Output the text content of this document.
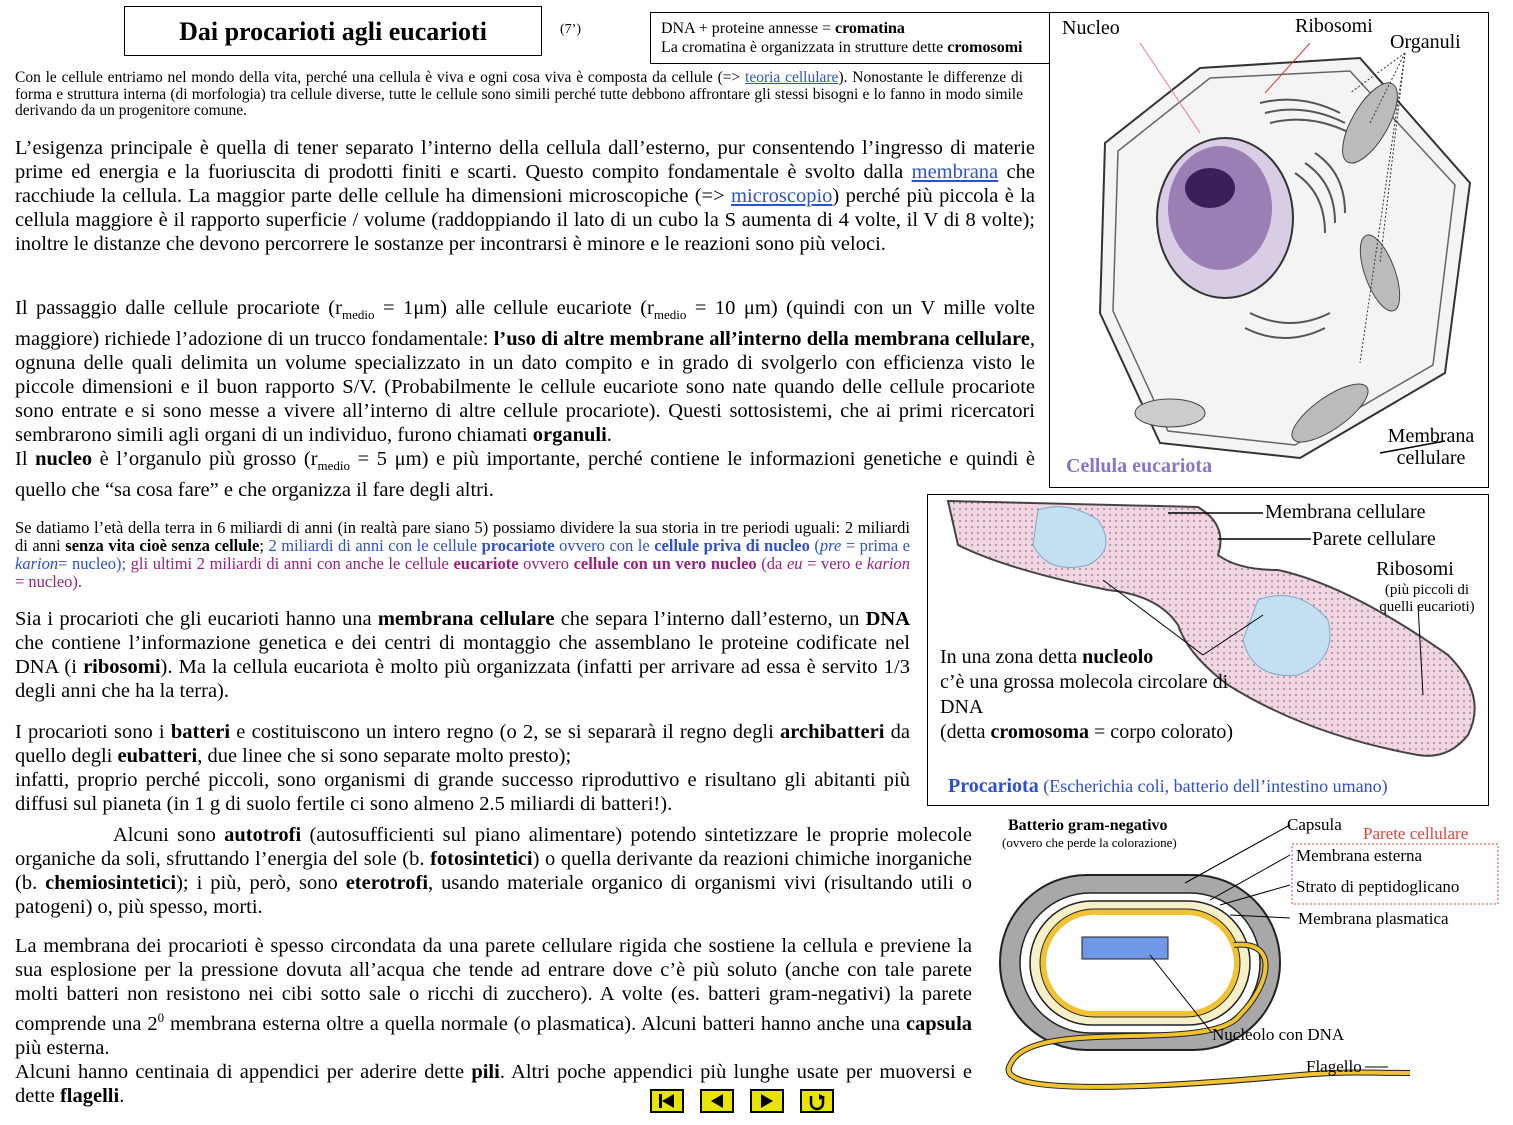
Dai procarioti agli eucarioti	(7’)	DNA + proteine annesse = cromatina
La cromatina è organizzata in strutture dette cromosomi
Con le cellule entriamo nel mondo della vita, perché una cellula è viva e ogni cosa viva è composta da cellule (=> teoria cellulare). Nonostante le differenze di forma e struttura interna (di morfologia) tra cellule diverse, tutte le cellule sono simili perché tutte debbono affrontare gli stessi bisogni e lo fanno in modo simile derivando da un progenitore comune.
L’esigenza principale è quella di tener separato l’interno della cellula dall’esterno, pur consentendo l’ingresso di materie prime ed energia e la fuoriuscita di prodotti finiti e scarti. Questo compito fondamentale è svolto dalla membrana che racchiude la cellula. La maggior parte delle cellule ha dimensioni microscopiche (=> microscopio) perché più piccola è la cellula maggiore è il rapporto superficie / volume (raddoppiando il lato di un cubo la S aumenta di 4 volte, il V di 8 volte); inoltre le distanze che devono percorrere le sostanze per incontrarsi è minore e le reazioni sono più veloci.
Il passaggio dalle cellule procariote $(r_{medio} = 1\mu m)$ alle cellule eucariote ($r_{medio} = 10$ μm) (quindi con un V mille volte maggiore) richiede l’adozione di un trucco fondamentale: l’uso di altre membrane all’interno della membrana cellulare, ognuna delle quali delimita un volume specializzato in un dato compito e in grado di svolgerlo con efficienza visto le piccole dimensioni e il buon rapporto S/V. (Probabilmente le cellule eucariote sono nate quando delle cellule procariote sono entrate e si sono messe a vivere all’interno di altre cellule procariote). Questi sottosistemi, che ai primi ricercatori sembrarono simili agli organi di un individuo, furono chiamati organuli.
Il nucleo è l’organulo più grosso ($r_{medio} = 5$ μm) e più importante, perché contiene le informazioni genetiche e quindi è quello che “sa cosa fare” e che organizza il fare degli altri.
Se datiamo l’età della terra in 6 miliardi di anni (in realtà pare siano 5) possiamo dividere la sua storia in tre periodi uguali: 2 miliardi di anni senza vita cioè senza cellule; 2 miliardi di anni con le cellule procariote ovvero con le cellule priva di nucleo (pre = prima e karion= nucleo); gli ultimi 2 miliardi di anni con anche le cellule eucariote ovvero cellule con un vero nucleo (da eu = vero e karion = nucleo).
Sia i procarioti che gli eucarioti hanno una membrana cellulare che separa l’interno dall’esterno, un DNA che contiene l’informazione genetica e dei centri di montaggio che assemblano le proteine codificate nel DNA (i ribosomi). Ma la cellula eucariota è molto più organizzata (infatti per arrivare ad essa è servito 1/3 degli anni che ha la terra).
I procarioti sono i batteri e costituiscono un intero regno (o 2, se si separarà il regno degli archibatteri da quello degli eubatteri, due linee che si sono separate molto presto);
infatti, proprio perché piccoli, sono organismi di grande successo riproduttivo e risultano gli abitanti più diffusi sul pianeta (in 1 g di suolo fertile ci sono almeno 2.5 miliardi di batteri!).
Alcuni sono autotrofi (autosufficienti sul piano alimentare) potendo sintetizzare le proprie molecole organiche da soli, sfruttando l’energia del sole (b. fotosintetici) o quella derivante da reazioni chimiche inorganiche (b. chemiosintetici); i più, però, sono eterotrofi, usando materiale organico di organismi vivi (risultando utili o patogeni) o, più spesso, morti.
La membrana dei procarioti è spesso circondata da una parete cellulare rigida che sostiene la cellula e previene la sua esplosione per la pressione dovuta all’acqua che tende ad entrare dove c’è più soluto (anche con tale parete molti batteri non resistono nei cibi sotto sale o ricchi di zucchero). A volte (es. batteri gram-negativi) la parete comprende una $2^0$ membrana esterna oltre a quella normale (o plasmatica). Alcuni batteri hanno anche una capsula più esterna.
Alcuni hanno centinaia di appendici per aderire dette pili. Altri poche appendici più lunghe usate per muoversi e dette flagelli.
Nucleo	Ribosomi
Organuli
Membrana cellulare
Cellula eucariota
Membrana cellulare
Parete cellulare
Ribosomi
(più piccoli di quelli eucarioti)
In una zona detta nucleolo
c’è una grossa molecola circolare di DNA
(detta cromosoma = corpo colorato)
Procariota (Escherichia coli, batterio dell’intestino umano)
Batterio gram-negativo
(ovvero che perde la colorazione)
Capsula Parete cellulare
Membrana esterna
Strato di peptidoglicano
Membrana plasmatica
Nucleolo con DNA
Flagello
